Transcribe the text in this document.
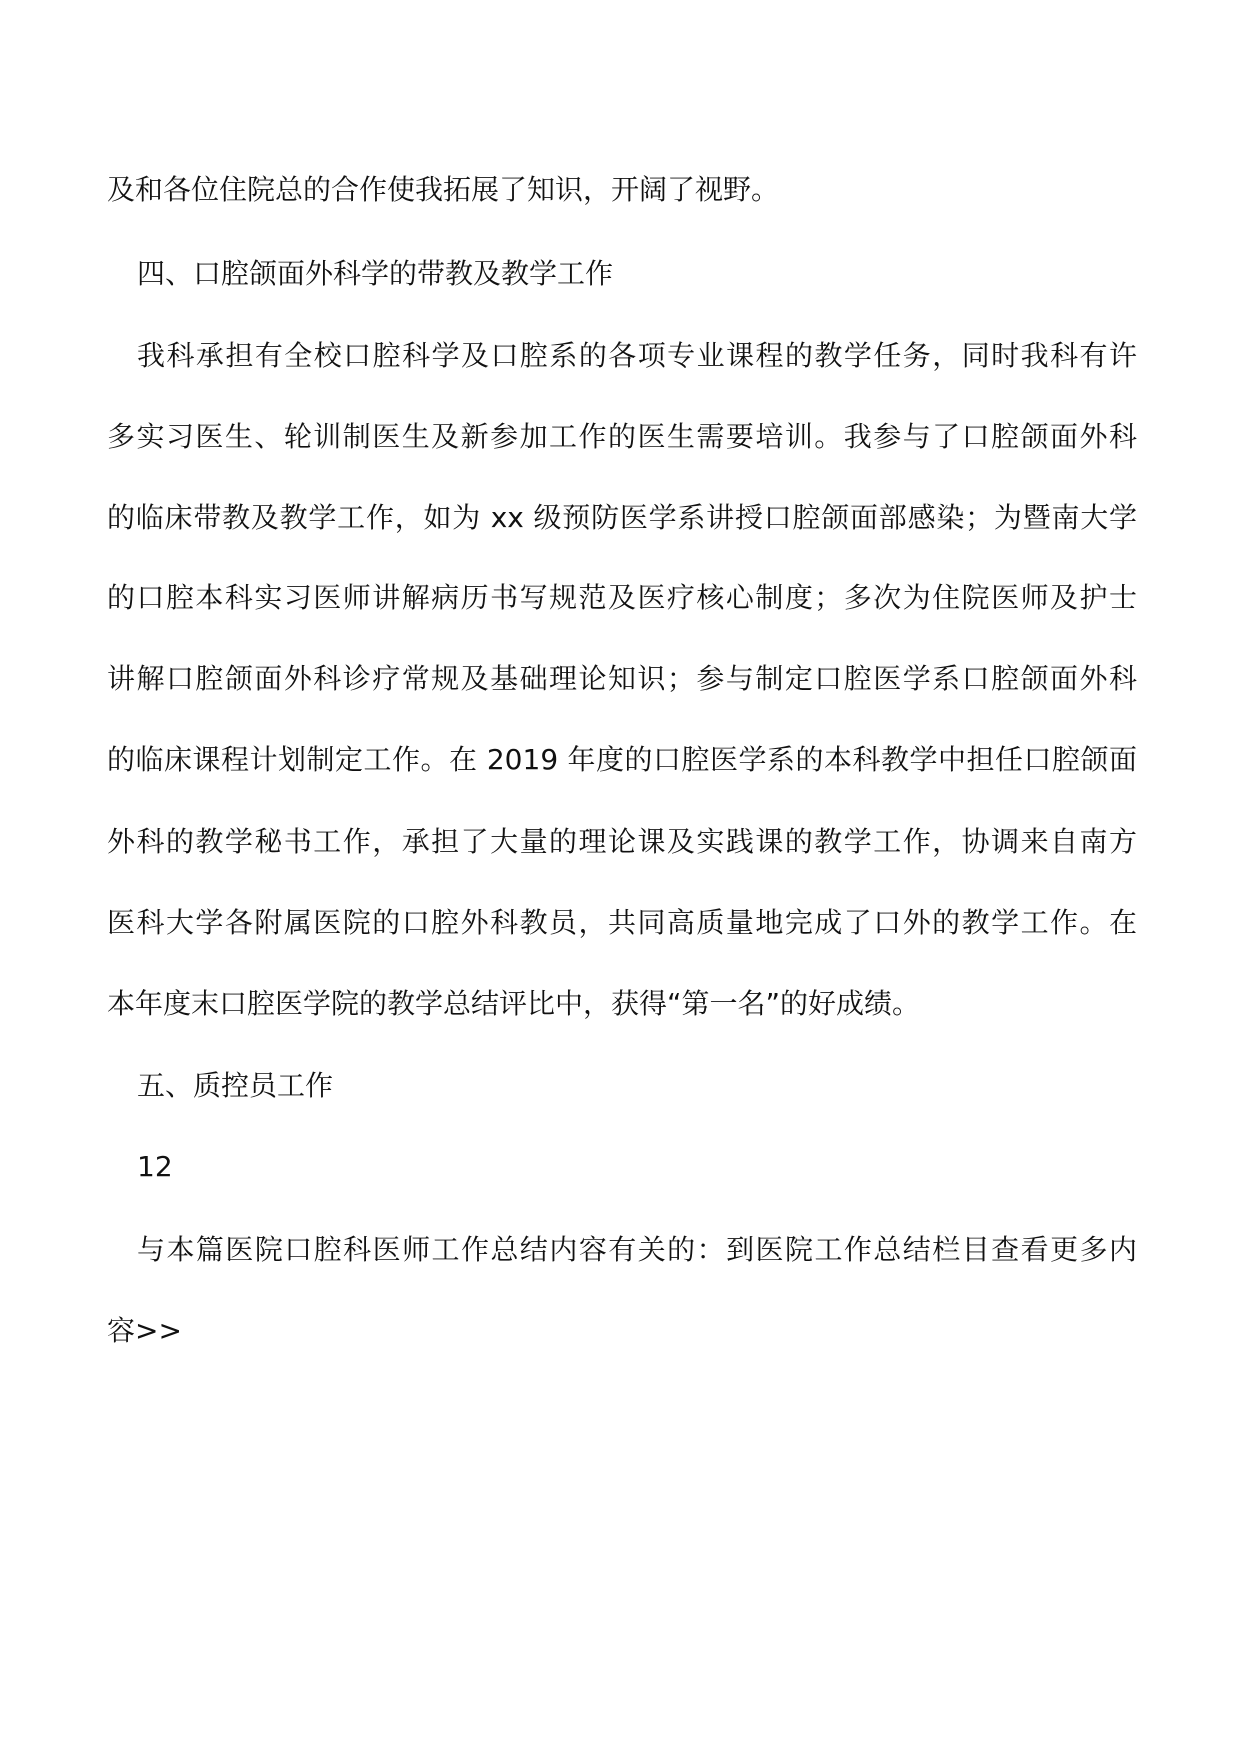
及和各位住院总的合作使我拓展了知识，开阔了视野。
四、口腔颌面外科学的带教及教学工作
我科承担有全校口腔科学及口腔系的各项专业课程的教学任务，同时我科有许
多实习医生、轮训制医生及新参加工作的医生需要培训。我参与了口腔颌面外科
的临床带教及教学工作，如为 xx 级预防医学系讲授口腔颌面部感染；为暨南大学
的口腔本科实习医师讲解病历书写规范及医疗核心制度；多次为住院医师及护士
讲解口腔颌面外科诊疗常规及基础理论知识；参与制定口腔医学系口腔颌面外科
的临床课程计划制定工作。在 2019 年度的口腔医学系的本科教学中担任口腔颌面
外科的教学秘书工作，承担了大量的理论课及实践课的教学工作，协调来自南方
医科大学各附属医院的口腔外科教员，共同高质量地完成了口外的教学工作。在
本年度末口腔医学院的教学总结评比中，获得“第一名”的好成绩。
五、质控员工作
12
与本篇医院口腔科医师工作总结内容有关的：到医院工作总结栏目查看更多内
容>>
